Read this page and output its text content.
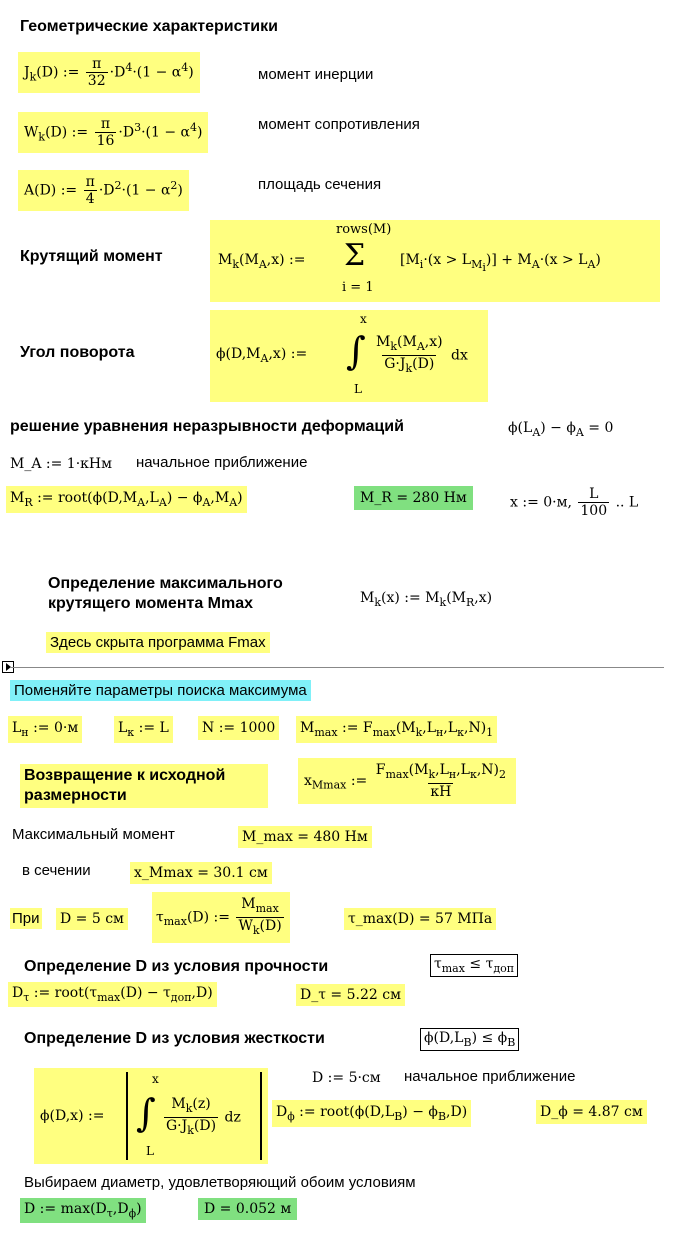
Геометрические характеристики
$J_k(D)$ := $\frac{\pi}{32} \cdot D^4\cdot(1 - \alpha^4)$	момент инерции
$W_k(D)$ := $\frac{\pi}{16} \cdot D^3\cdot(1 - \alpha^4)$	момент сопротивления
A(D) := $\frac{\pi}{4} \cdot D^2\cdot(1 - \alpha^2)$	площадь сечения
Крутящий момент	$M_k(M_A,x)$ :=
rows(M)
Σ
i = 1
$[M_i\cdot(x > L_{M_i})] + M_A\cdot(x > L_A)$
Угол поворота	$\phi(D,M_A,x)$ :=
x
∫
L
$\frac{M_k(M_A,x)}{G\cdot J_k(D)}$ dx
решение уравнения неразрывности деформаций	$\phi(L_A) - \phi_A = 0$
M_A := 1·кНм начальное приближение
$M_R$ := $root(\phi(D,M_A,L_A) - \phi_A,M_A)$	M_R = 280 Нм	x := 0·м, $\frac{L}{100}$ .. L
Определение максимального крутящего момента Mmax	$M_k(x)$ := $M_k(M_R,x)$
Здесь скрыта программа Fmax
Поменяйте параметры поиска максимума
$L_н$ := 0·м	$L_к$ := L N := 1000 $M_{max}$ := $F_{max}(M_k,L_н,L_к,N)_1$
Возвращение к исходной размерности
$x_{Mmax}$ := $\frac{F_{max}(M_k,L_н,L_к,N)_2}{кН}$
Максимальный момент	M_max = 480 Нм
в сечении	x_Mmax = 30.1 см
При D = 5 см $\tau_{max}(D)$ := $\frac{M_{max}}{W_k(D)}$	τ_max(D) = 57 МПа
Определение D из условия прочности	$\tau_{max} \le \tau_{доп}$
$D_\tau$ := $root(\tau_{max}(D) - \tau_{доп},D)$	D_τ = 5.22 см
Определение D из условия жесткости	$\phi(D,L_B) \le \phi_B$
D := 5·см начальное приближение
ϕ(D,x) :=
x
∫
L
$\frac{M_k(z)}{G\cdot J_k(D)}$ dz	$D_\phi$ := $root(\phi(D,L_B) - \phi_B,D)$	D_ϕ = 4.87 см
Выбираем диаметр, удовлетворяющий обоим условиям
D := $\max(D_\tau,D_\phi)$	D = 0.052 м
